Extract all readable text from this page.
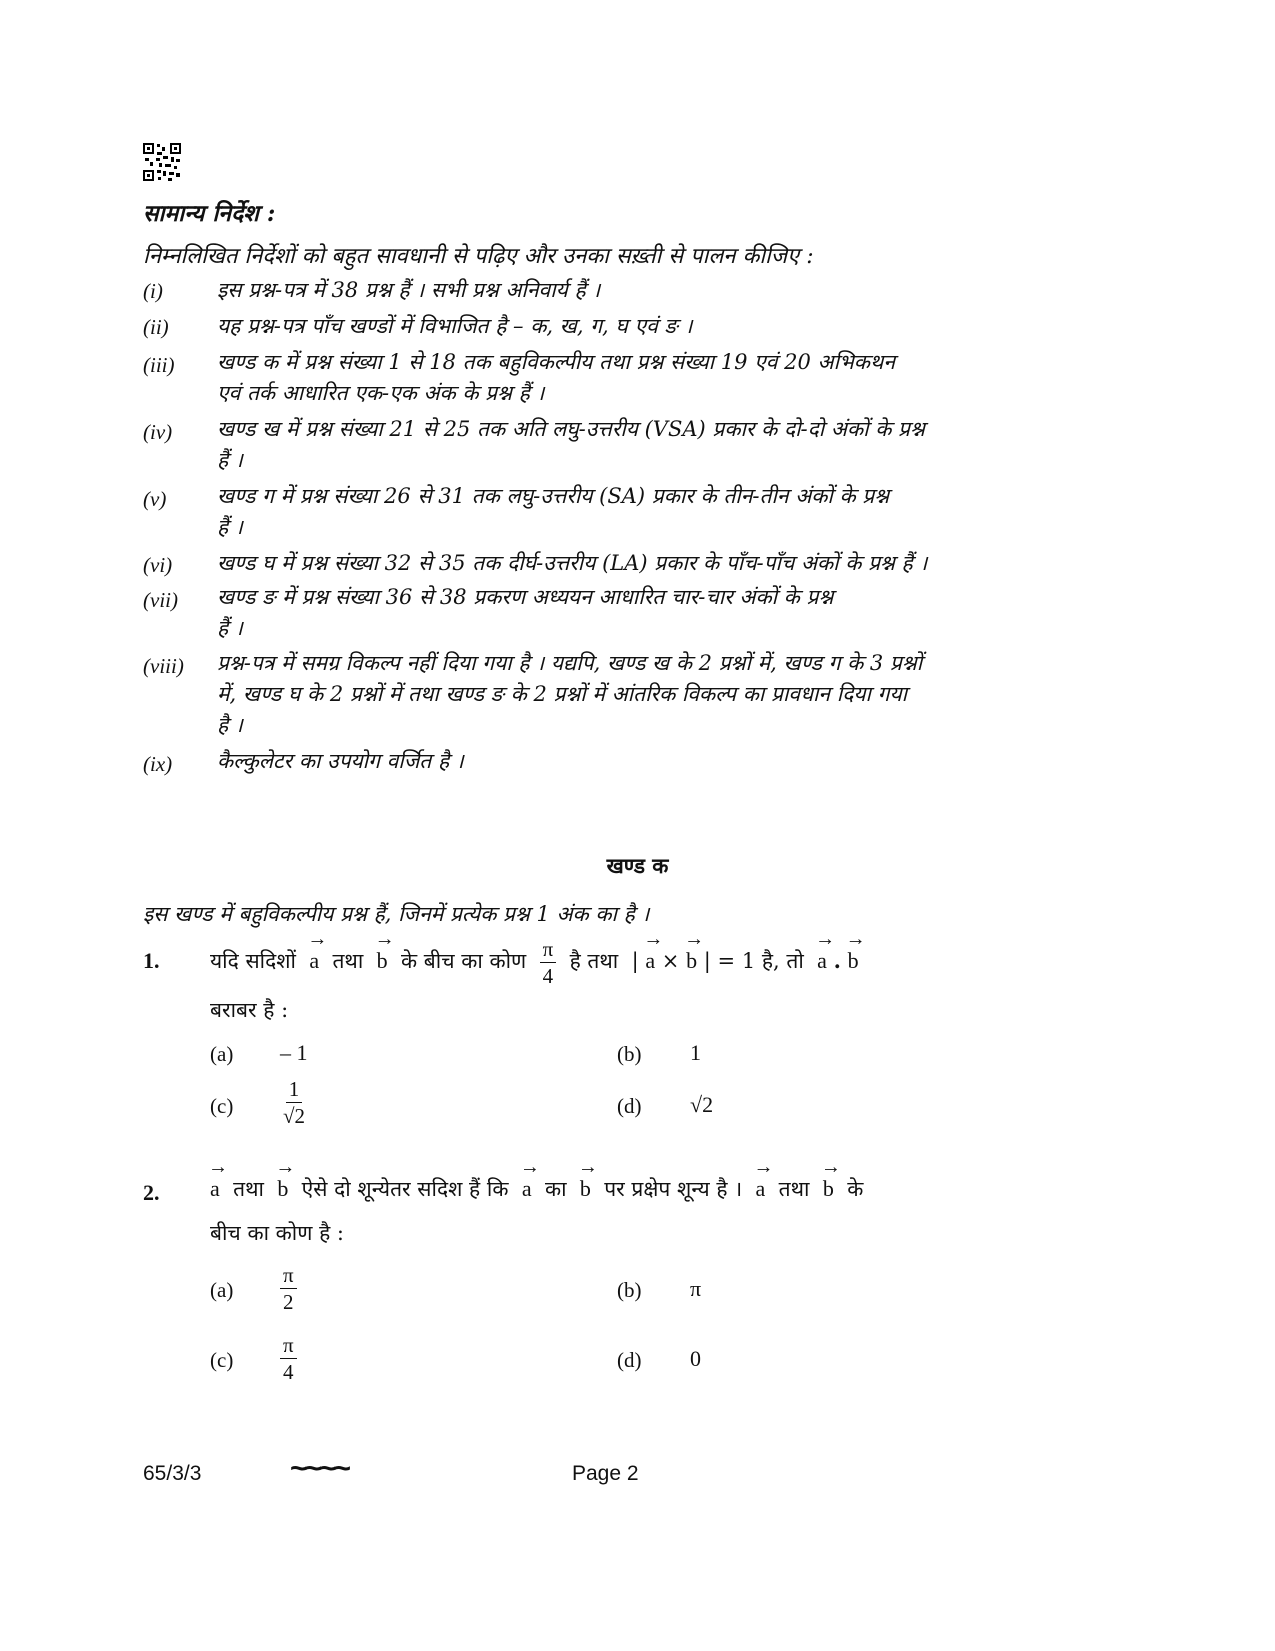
सामान्य निर्देश :
निम्नलिखित निर्देशों को बहुत सावधानी से पढ़िए और उनका सख़्ती से पालन कीजिए :
(i)	इस प्रश्न-पत्र में 38 प्रश्न हैं । सभी प्रश्न अनिवार्य हैं ।
(ii) यह प्रश्न-पत्र पाँच खण्डों में विभाजित है – क, ख, ग, घ एवं ङ ।
(iii) खण्ड क में प्रश्न संख्या 1 से 18 तक बहुविकल्पीय तथा प्रश्न संख्या 19 एवं 20 अभिकथन
एवं तर्क आधारित एक-एक अंक के प्रश्न हैं ।
(iv) खण्ड ख में प्रश्न संख्या 21 से 25 तक अति लघु-उत्तरीय (VSA) प्रकार के दो-दो अंकों के प्रश्न
हैं ।
(v) खण्ड ग में प्रश्न संख्या 26 से 31 तक लघु-उत्तरीय (SA) प्रकार के तीन-तीन अंकों के प्रश्न
हैं ।
(vi) खण्ड घ में प्रश्न संख्या 32 से 35 तक दीर्घ-उत्तरीय (LA) प्रकार के पाँच-पाँच अंकों के प्रश्न हैं ।
(vii) खण्ड ङ में प्रश्न संख्या 36 से 38 प्रकरण अध्ययन आधारित चार-चार अंकों के प्रश्न
हैं ।
(viii) प्रश्न-पत्र में समग्र विकल्प नहीं दिया गया है । यद्यपि, खण्ड ख के 2 प्रश्नों में, खण्ड ग के 3 प्रश्नों
में, खण्ड घ के 2 प्रश्नों में तथा खण्ड ङ के 2 प्रश्नों में आंतरिक विकल्प का प्रावधान दिया गया
है ।
(ix) कैल्कुलेटर का उपयोग वर्जित है ।
खण्ड क
इस खण्ड में बहुविकल्पीय प्रश्न हैं, जिनमें प्रत्येक प्रश्न 1 अंक का है ।
1. यदि सदिशों
→
a तथा
→
b के बीच का कोण $\frac{\pi}{4}$ है तथा |
→
a ×
→
b | = 1 है, तो
→
a .
→
b
बराबर है :
(a) – 1	(b) 1
$(c) \frac{1}{√2}$	(d) √2
2.
→
a तथा
→
b ऐसे दो शून्येतर सदिश हैं कि
→
a का
→
b पर प्रक्षेप शून्य है ।
→
a तथा
→
b के
बीच का कोण है :
$(a) \frac{\pi}{2}$	(b) π
$(c) \frac{\pi}{4}$	(d) 0
65/3/3	~~~~	Page 2
